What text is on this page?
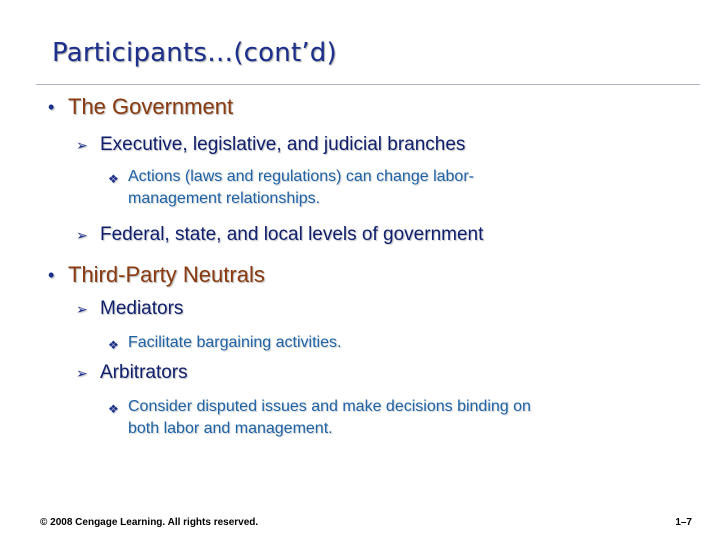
Participants…(cont’d)
• The Government
➢ Executive, legislative, and judicial branches
❖ Actions (laws and regulations) can change labor-
management relationships.
➢ Federal, state, and local levels of government
• Third-Party Neutrals
➢ Mediators
❖ Facilitate bargaining activities.
➢ Arbitrators
❖ Consider disputed issues and make decisions binding on
both labor and management.
© 2008 Cengage Learning. All rights reserved.	1–7
